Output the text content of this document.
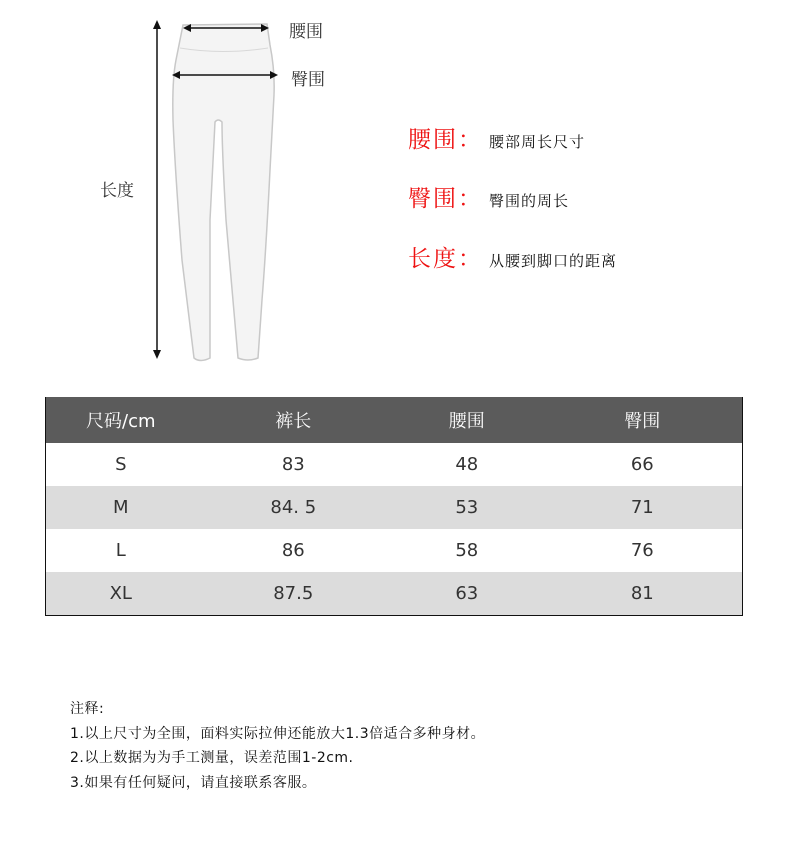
腰围
臀围
长度
腰围： 腰部周长尺寸
臀围： 臀围的周长
长度： 从腰到脚口的距离
尺码/cm	裤长	腰围	臀围
S	83	48	66
M	84. 5	53	71
L	86	58	76
XL	87.5	63	81
注释:
1.以上尺寸为全围，面料实际拉伸还能放大1.3倍适合多种身材。
2.以上数据为为手工测量，误差范围1-2cm.
3.如果有任何疑问，请直接联系客服。
